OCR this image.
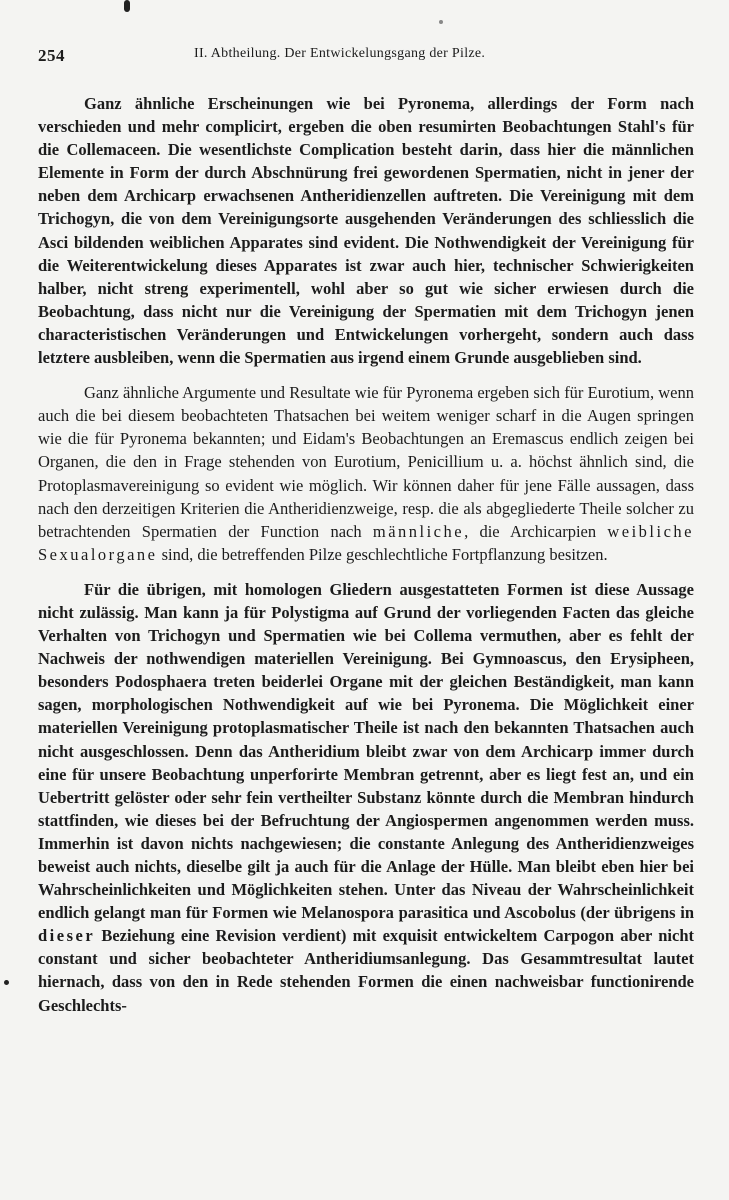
254	II. Abtheilung. Der Entwickelungsgang der Pilze.

Ganz ähnliche Erscheinungen wie bei Pyronema, allerdings der Form nach verschieden und mehr complicirt, ergeben die oben resumirten Beobachtungen Stahl's für die Collemaceen. Die wesentlichste Complication besteht darin, dass hier die männlichen Elemente in Form der durch Abschnürung frei gewordenen Spermatien, nicht in jener der neben dem Archicarp erwachsenen Antheridienzellen auftreten. Die Vereinigung mit dem Trichogyn, die von dem Vereinigungsorte ausgehenden Veränderungen des schliesslich die Asci bildenden weiblichen Apparates sind evident. Die Nothwendigkeit der Vereinigung für die Weiterentwickelung dieses Apparates ist zwar auch hier, technischer Schwierigkeiten halber, nicht streng experimentell, wohl aber so gut wie sicher erwiesen durch die Beobachtung, dass nicht nur die Vereinigung der Spermatien mit dem Trichogyn jenen characteristischen Veränderungen und Entwickelungen vorhergeht, sondern auch dass letztere ausbleiben, wenn die Spermatien aus irgend einem Grunde ausgeblieben sind.

Ganz ähnliche Argumente und Resultate wie für Pyronema ergeben sich für Eurotium, wenn auch die bei diesem beobachteten Thatsachen bei weitem weniger scharf in die Augen springen wie die für Pyronema bekannten; und Eidam's Beobachtungen an Eremascus endlich zeigen bei Organen, die den in Frage stehenden von Eurotium, Penicillium u. a. höchst ähnlich sind, die Protoplasmavereinigung so evident wie möglich. Wir können daher für jene Fälle aussagen, dass nach den derzeitigen Kriterien die Antheridienzweige, resp. die als abgegliederte Theile solcher zu betrachtenden Spermatien der Function nach männliche, die Archicarpien weibliche Sexualorgane sind, die betreffenden Pilze geschlechtliche Fortpflanzung besitzen.

Für die übrigen, mit homologen Gliedern ausgestatteten Formen ist diese Aussage nicht zulässig. Man kann ja für Polystigma auf Grund der vorliegenden Facten das gleiche Verhalten von Trichogyn und Spermatien wie bei Collema vermuthen, aber es fehlt der Nachweis der nothwendigen materiellen Vereinigung. Bei Gymnoascus, den Erysipheen, besonders Podosphaera treten beiderlei Organe mit der gleichen Beständigkeit, man kann sagen, morphologischen Nothwendigkeit auf wie bei Pyronema. Die Möglichkeit einer materiellen Vereinigung protoplasmatischer Theile ist nach den bekannten Thatsachen auch nicht ausgeschlossen. Denn das Antheridium bleibt zwar von dem Archicarp immer durch eine für unsere Beobachtung unperforirte Membran getrennt, aber es liegt fest an, und ein Uebertritt gelöster oder sehr fein vertheilter Substanz könnte durch die Membran hindurch stattfinden, wie dieses bei der Befruchtung der Angiospermen angenommen werden muss. Immerhin ist davon nichts nachgewiesen; die constante Anlegung des Antheridienzweiges beweist auch nichts, dieselbe gilt ja auch für die Anlage der Hülle. Man bleibt eben hier bei Wahrscheinlichkeiten und Möglichkeiten stehen. Unter das Niveau der Wahrscheinlichkeit endlich gelangt man für Formen wie Melanospora parasitica und Ascobolus (der übrigens in dieser Beziehung eine Revision verdient) mit exquisit entwickeltem Carpogon aber nicht constant und sicher beobachteter Antheridiumsanlegung. Das Gesammtresultat lautet hiernach, dass von den in Rede stehenden Formen die einen nachweisbar functionirende Geschlechts-
